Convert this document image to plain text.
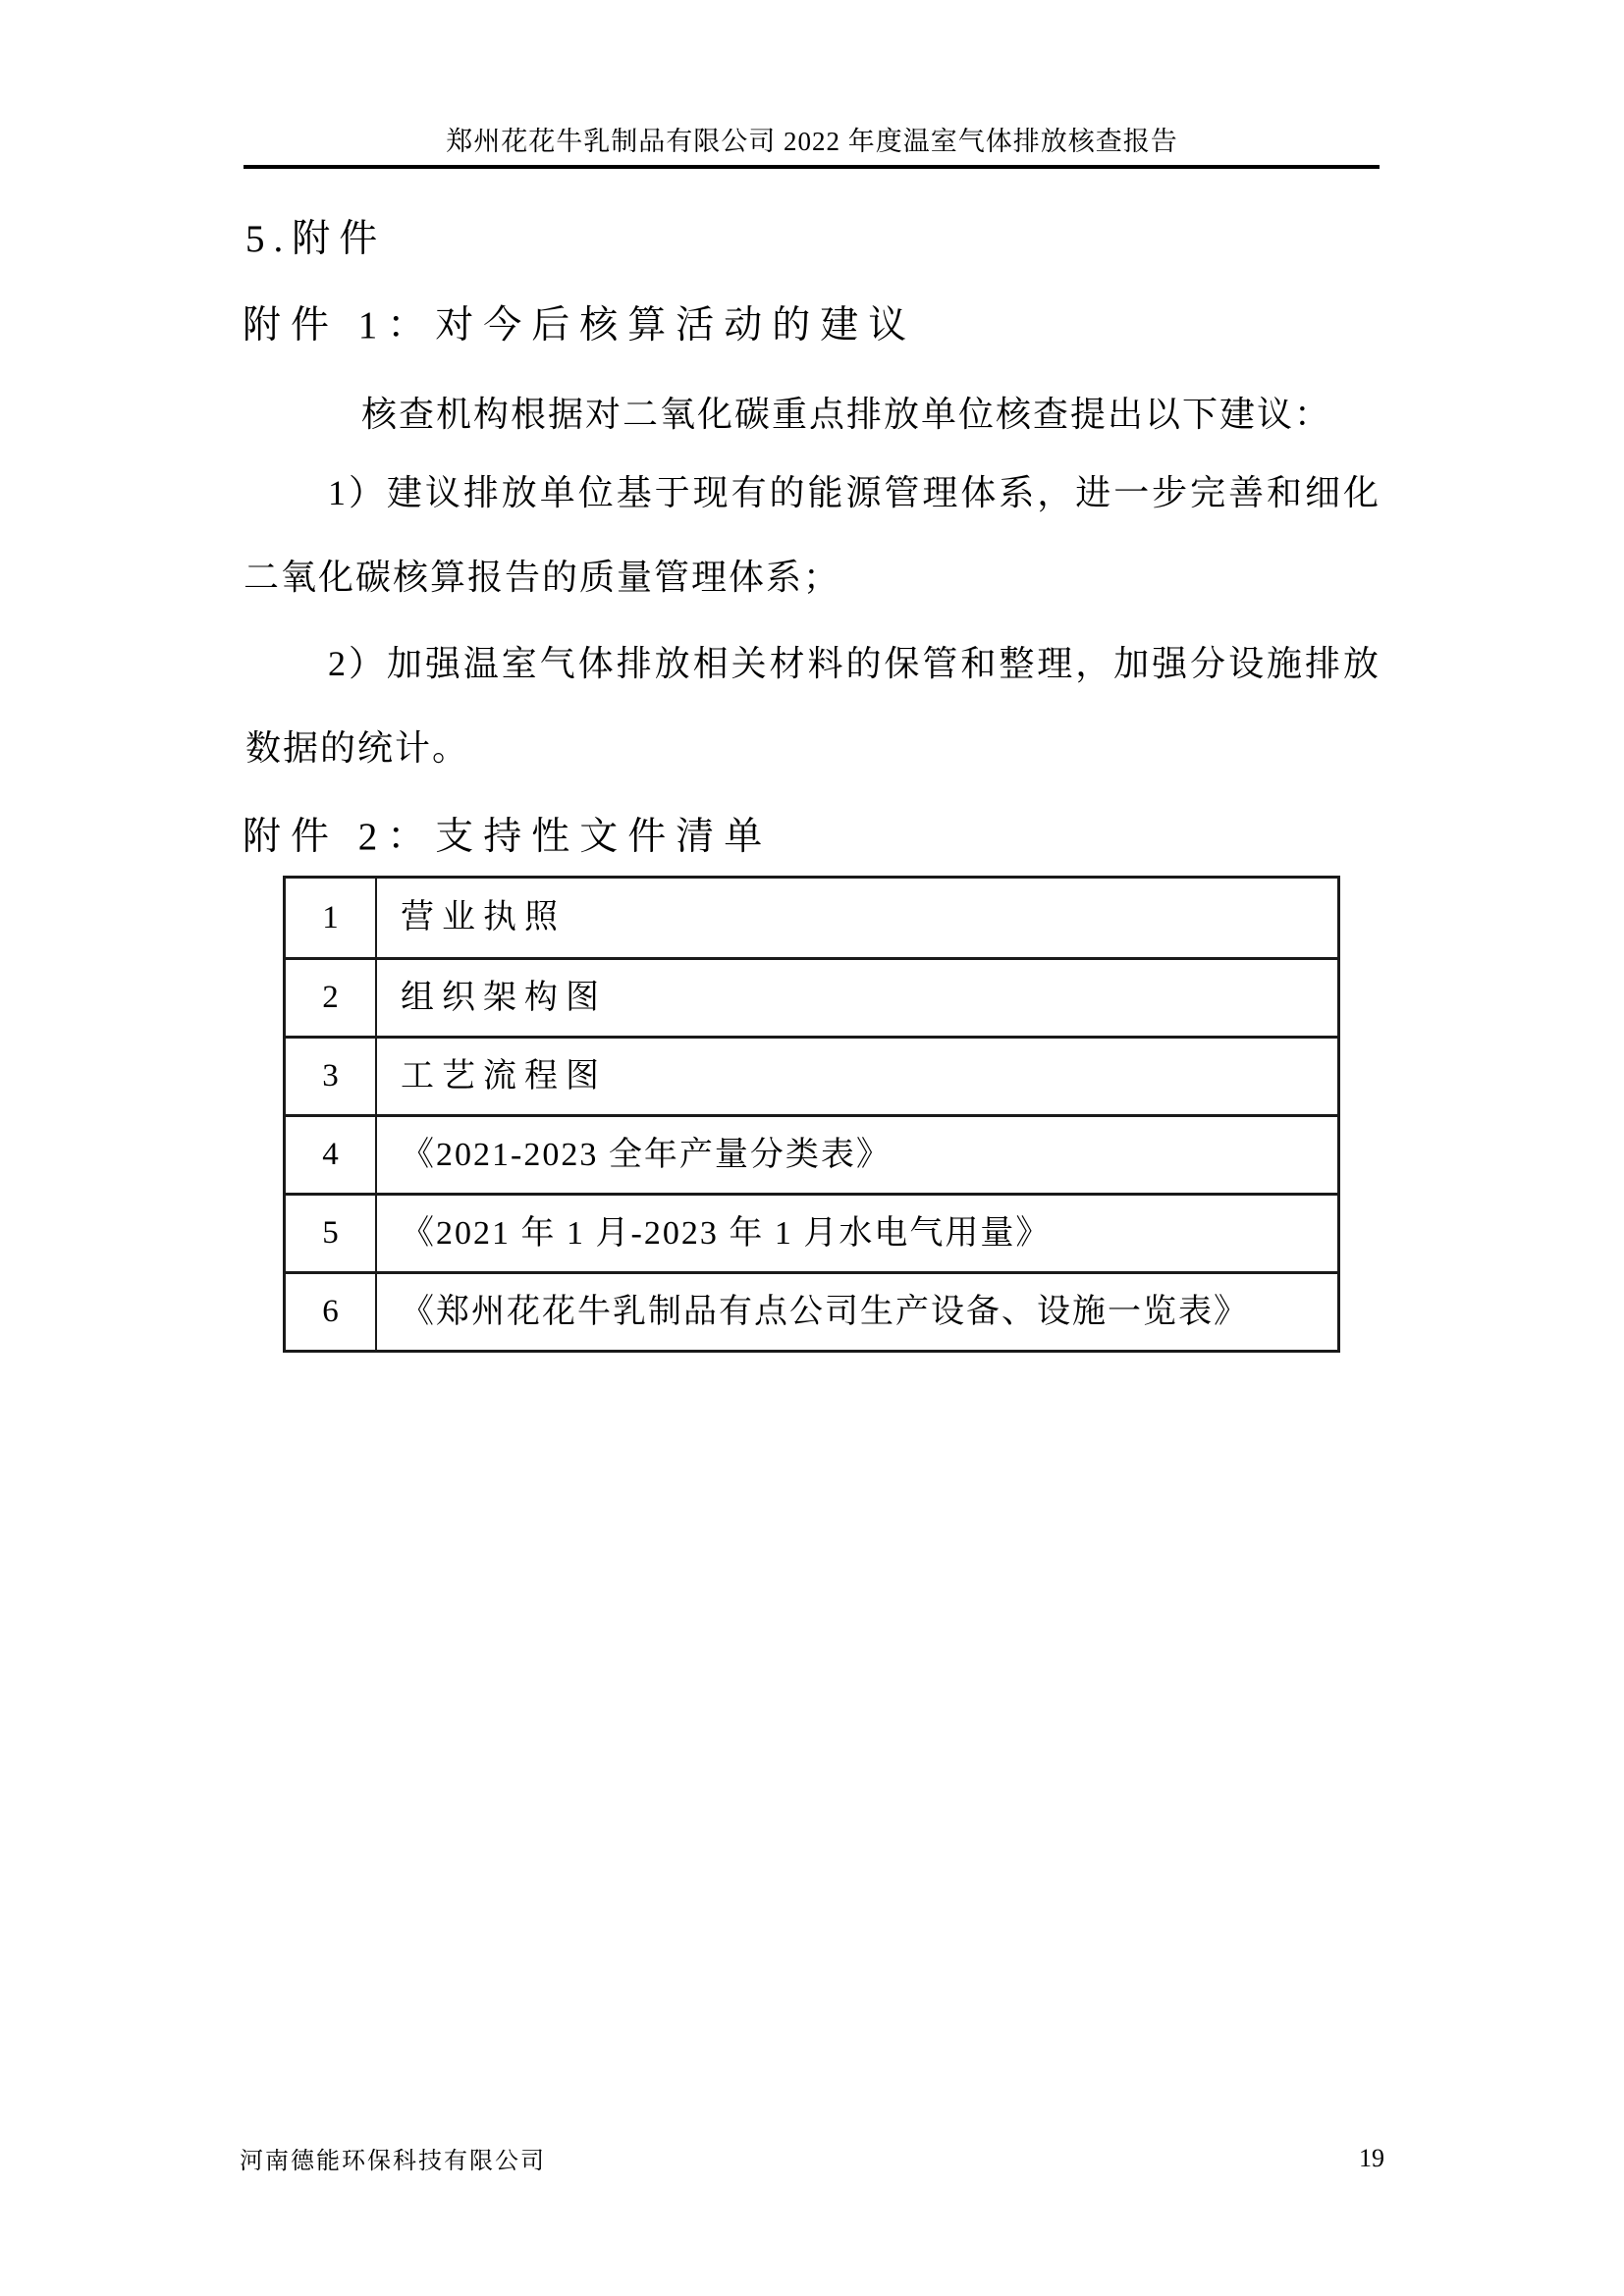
郑州花花牛乳制品有限公司 2022 年度温室气体排放核查报告
5.附件
附件 1：对今后核算活动的建议
核查机构根据对二氧化碳重点排放单位核查提出以下建议：
1）建议排放单位基于现有的能源管理体系，进一步完善和细化
二氧化碳核算报告的质量管理体系；
2）加强温室气体排放相关材料的保管和整理，加强分设施排放
数据的统计。
附件 2：支持性文件清单
1	营业执照
2	组织架构图
3	工艺流程图
4	《2021-2023 全年产量分类表》
5	《2021 年 1 月-2023 年 1 月水电气用量》
6	《郑州花花牛乳制品有点公司生产设备、设施一览表》
河南德能环保科技有限公司	19
